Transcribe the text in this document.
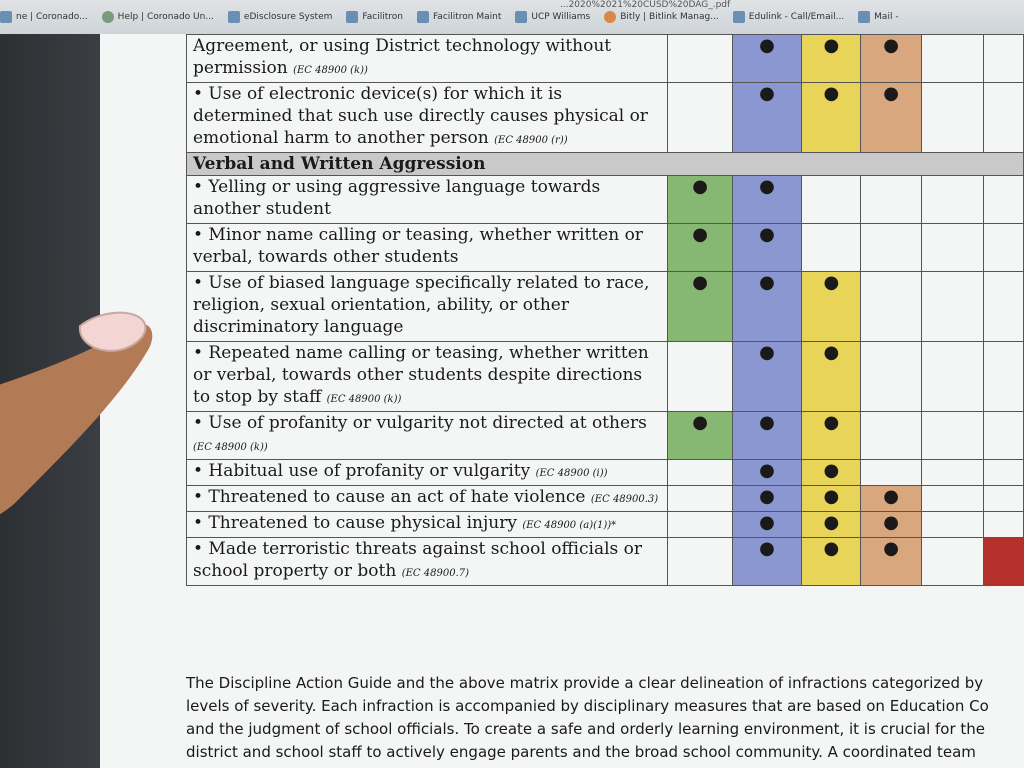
ne | Coronado...	Help | Coronado Un...	eDisclosure System	Facilitron	Facilitron Maint	UCP Williams	Bitly | Bitlink Manag...	Edulink - Call/Email...	Mail -
...2020%2021%20CUSD%20DAG_.pdf
Agreement, or using District technology without permission (EC 48900 (k))		●	●	●		
• Use of electronic device(s) for which it is determined that such use directly causes physical or emotional harm to another person (EC 48900 (r))		●	●	●		
Verbal and Written Aggression						
• Yelling or using aggressive language towards another student	●	●				
• Minor name calling or teasing, whether written or verbal, towards other students	●	●				
• Use of biased language specifically related to race, religion, sexual orientation, ability, or other discriminatory language	●	●	●			
• Repeated name calling or teasing, whether written or verbal, towards other students despite directions to stop by staff (EC 48900 (k))		●	●			
• Use of profanity or vulgarity not directed at others (EC 48900 (k))	●	●	●			
• Habitual use of profanity or vulgarity (EC 48900 (i))		●	●			
• Threatened to cause an act of hate violence (EC 48900.3)		●	●	●		
• Threatened to cause physical injury (EC 48900 (a)(1))*		●	●	●		
• Made terroristic threats against school officials or school property or both (EC 48900.7)		●	●	●		
The Discipline Action Guide and the above matrix provide a clear delineation of infractions categorized by
levels of severity. Each infraction is accompanied by disciplinary measures that are based on Education Co
and the judgment of school officials. To create a safe and orderly learning environment, it is crucial for the
district and school staff to actively engage parents and the broad school community. A coordinated team
